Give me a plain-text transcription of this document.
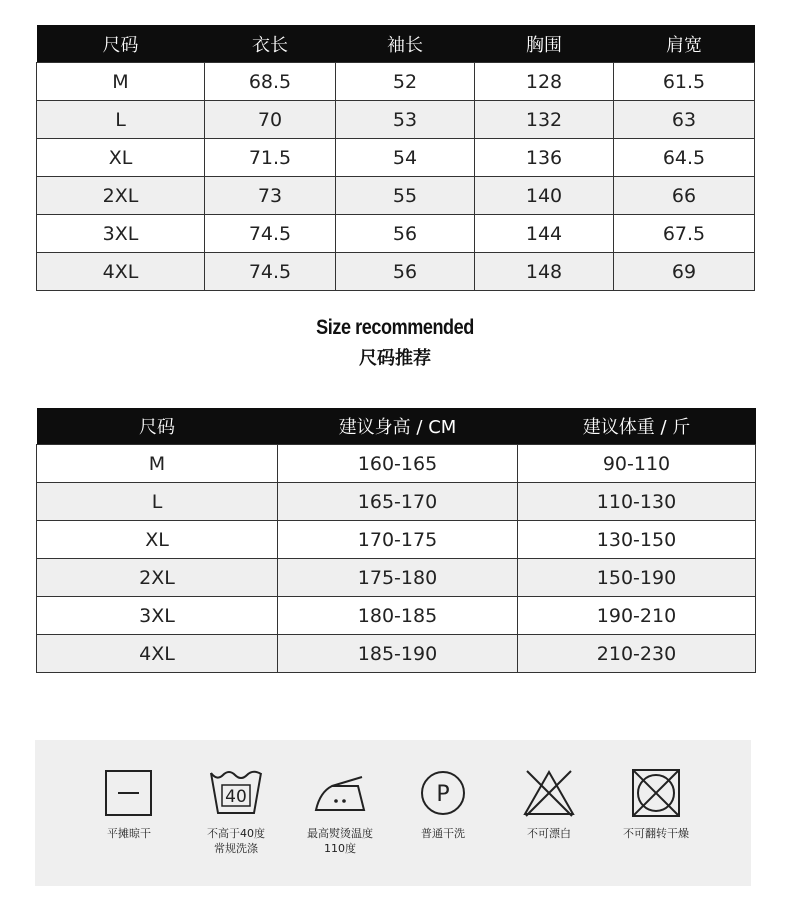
尺码	衣长	袖长	胸围	肩宽
M	68.5	52	128	61.5
L	70	53	132	63
XL	71.5	54	136	64.5
2XL	73	55	140	66
3XL	74.5	56	144	67.5
4XL	74.5	56	148	69
Size recommended
尺码推荐
尺码	建议身高 / CM	建议体重 / 斤
M	160-165	90-110
L	165-170	110-130
XL	170-175	130-150
2XL	175-180	150-190
3XL	180-185	190-210
4XL	185-190	210-230
平摊晾干
40
不高于40度
常规洗涤
最高熨烫温度
110度
P
普通干洗	不可漂白	不可翻转干燥
